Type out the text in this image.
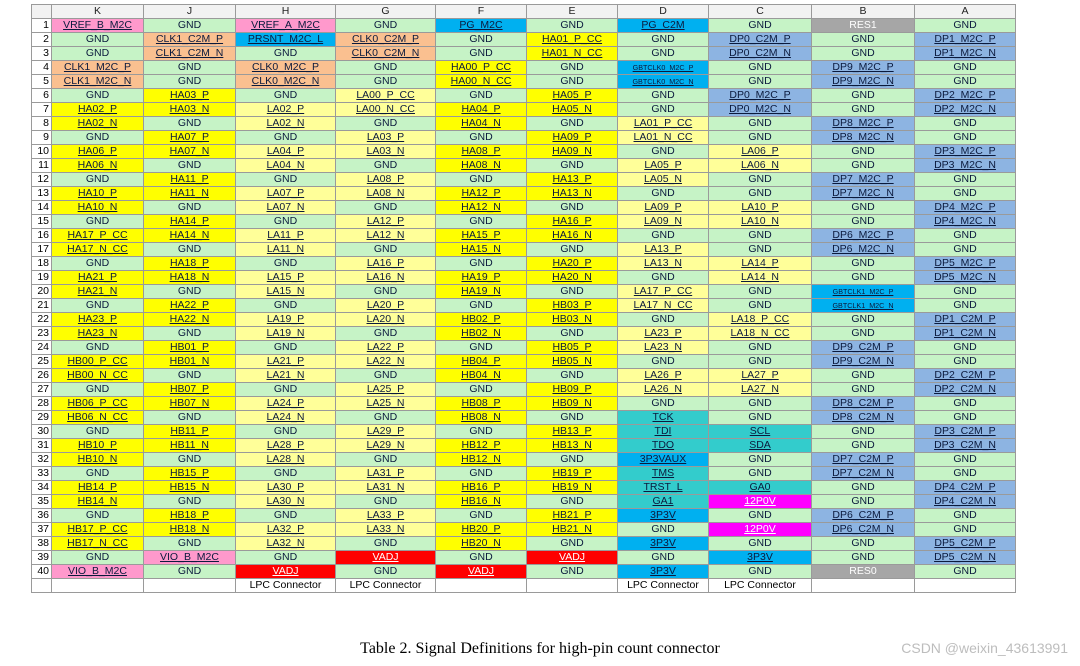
	K	J	H	G	F	E	D	C	B	A
1	VREF_B_M2C	GND	VREF_A_M2C	GND	PG_M2C	GND	PG_C2M	GND	RES1	GND
2	GND	CLK1_C2M_P	PRSNT_M2C_L	CLK0_C2M_P	GND	HA01_P_CC	GND	DP0_C2M_P	GND	DP1_M2C_P
3	GND	CLK1_C2M_N	GND	CLK0_C2M_N	GND	HA01_N_CC	GND	DP0_C2M_N	GND	DP1_M2C_N
4	CLK1_M2C_P	GND	CLK0_M2C_P	GND	HA00_P_CC	GND	GBTCLK0_M2C_P	GND	DP9_M2C_P	GND
5	CLK1_M2C_N	GND	CLK0_M2C_N	GND	HA00_N_CC	GND	GBTCLK0_M2C_N	GND	DP9_M2C_N	GND
6	GND	HA03_P	GND	LA00_P_CC	GND	HA05_P	GND	DP0_M2C_P	GND	DP2_M2C_P
7	HA02_P	HA03_N	LA02_P	LA00_N_CC	HA04_P	HA05_N	GND	DP0_M2C_N	GND	DP2_M2C_N
8	HA02_N	GND	LA02_N	GND	HA04_N	GND	LA01_P_CC	GND	DP8_M2C_P	GND
9	GND	HA07_P	GND	LA03_P	GND	HA09_P	LA01_N_CC	GND	DP8_M2C_N	GND
10	HA06_P	HA07_N	LA04_P	LA03_N	HA08_P	HA09_N	GND	LA06_P	GND	DP3_M2C_P
11	HA06_N	GND	LA04_N	GND	HA08_N	GND	LA05_P	LA06_N	GND	DP3_M2C_N
12	GND	HA11_P	GND	LA08_P	GND	HA13_P	LA05_N	GND	DP7_M2C_P	GND
13	HA10_P	HA11_N	LA07_P	LA08_N	HA12_P	HA13_N	GND	GND	DP7_M2C_N	GND
14	HA10_N	GND	LA07_N	GND	HA12_N	GND	LA09_P	LA10_P	GND	DP4_M2C_P
15	GND	HA14_P	GND	LA12_P	GND	HA16_P	LA09_N	LA10_N	GND	DP4_M2C_N
16	HA17_P_CC	HA14_N	LA11_P	LA12_N	HA15_P	HA16_N	GND	GND	DP6_M2C_P	GND
17	HA17_N_CC	GND	LA11_N	GND	HA15_N	GND	LA13_P	GND	DP6_M2C_N	GND
18	GND	HA18_P	GND	LA16_P	GND	HA20_P	LA13_N	LA14_P	GND	DP5_M2C_P
19	HA21_P	HA18_N	LA15_P	LA16_N	HA19_P	HA20_N	GND	LA14_N	GND	DP5_M2C_N
20	HA21_N	GND	LA15_N	GND	HA19_N	GND	LA17_P_CC	GND	GBTCLK1_M2C_P	GND
21	GND	HA22_P	GND	LA20_P	GND	HB03_P	LA17_N_CC	GND	GBTCLK1_M2C_N	GND
22	HA23_P	HA22_N	LA19_P	LA20_N	HB02_P	HB03_N	GND	LA18_P_CC	GND	DP1_C2M_P
23	HA23_N	GND	LA19_N	GND	HB02_N	GND	LA23_P	LA18_N_CC	GND	DP1_C2M_N
24	GND	HB01_P	GND	LA22_P	GND	HB05_P	LA23_N	GND	DP9_C2M_P	GND
25	HB00_P_CC	HB01_N	LA21_P	LA22_N	HB04_P	HB05_N	GND	GND	DP9_C2M_N	GND
26	HB00_N_CC	GND	LA21_N	GND	HB04_N	GND	LA26_P	LA27_P	GND	DP2_C2M_P
27	GND	HB07_P	GND	LA25_P	GND	HB09_P	LA26_N	LA27_N	GND	DP2_C2M_N
28	HB06_P_CC	HB07_N	LA24_P	LA25_N	HB08_P	HB09_N	GND	GND	DP8_C2M_P	GND
29	HB06_N_CC	GND	LA24_N	GND	HB08_N	GND	TCK	GND	DP8_C2M_N	GND
30	GND	HB11_P	GND	LA29_P	GND	HB13_P	TDI	SCL	GND	DP3_C2M_P
31	HB10_P	HB11_N	LA28_P	LA29_N	HB12_P	HB13_N	TDO	SDA	GND	DP3_C2M_N
32	HB10_N	GND	LA28_N	GND	HB12_N	GND	3P3VAUX	GND	DP7_C2M_P	GND
33	GND	HB15_P	GND	LA31_P	GND	HB19_P	TMS	GND	DP7_C2M_N	GND
34	HB14_P	HB15_N	LA30_P	LA31_N	HB16_P	HB19_N	TRST_L	GA0	GND	DP4_C2M_P
35	HB14_N	GND	LA30_N	GND	HB16_N	GND	GA1	12P0V	GND	DP4_C2M_N
36	GND	HB18_P	GND	LA33_P	GND	HB21_P	3P3V	GND	DP6_C2M_P	GND
37	HB17_P_CC	HB18_N	LA32_P	LA33_N	HB20_P	HB21_N	GND	12P0V	DP6_C2M_N	GND
38	HB17_N_CC	GND	LA32_N	GND	HB20_N	GND	3P3V	GND	GND	DP5_C2M_P
39	GND	VIO_B_M2C	GND	VADJ	GND	VADJ	GND	3P3V	GND	DP5_C2M_N
40	VIO_B_M2C	GND	VADJ	GND	VADJ	GND	3P3V	GND	RES0	GND
			LPC Connector	LPC Connector			LPC Connector	LPC Connector		
Table 2. Signal Definitions for high-pin count connector	CSDN @weixin_43613991
